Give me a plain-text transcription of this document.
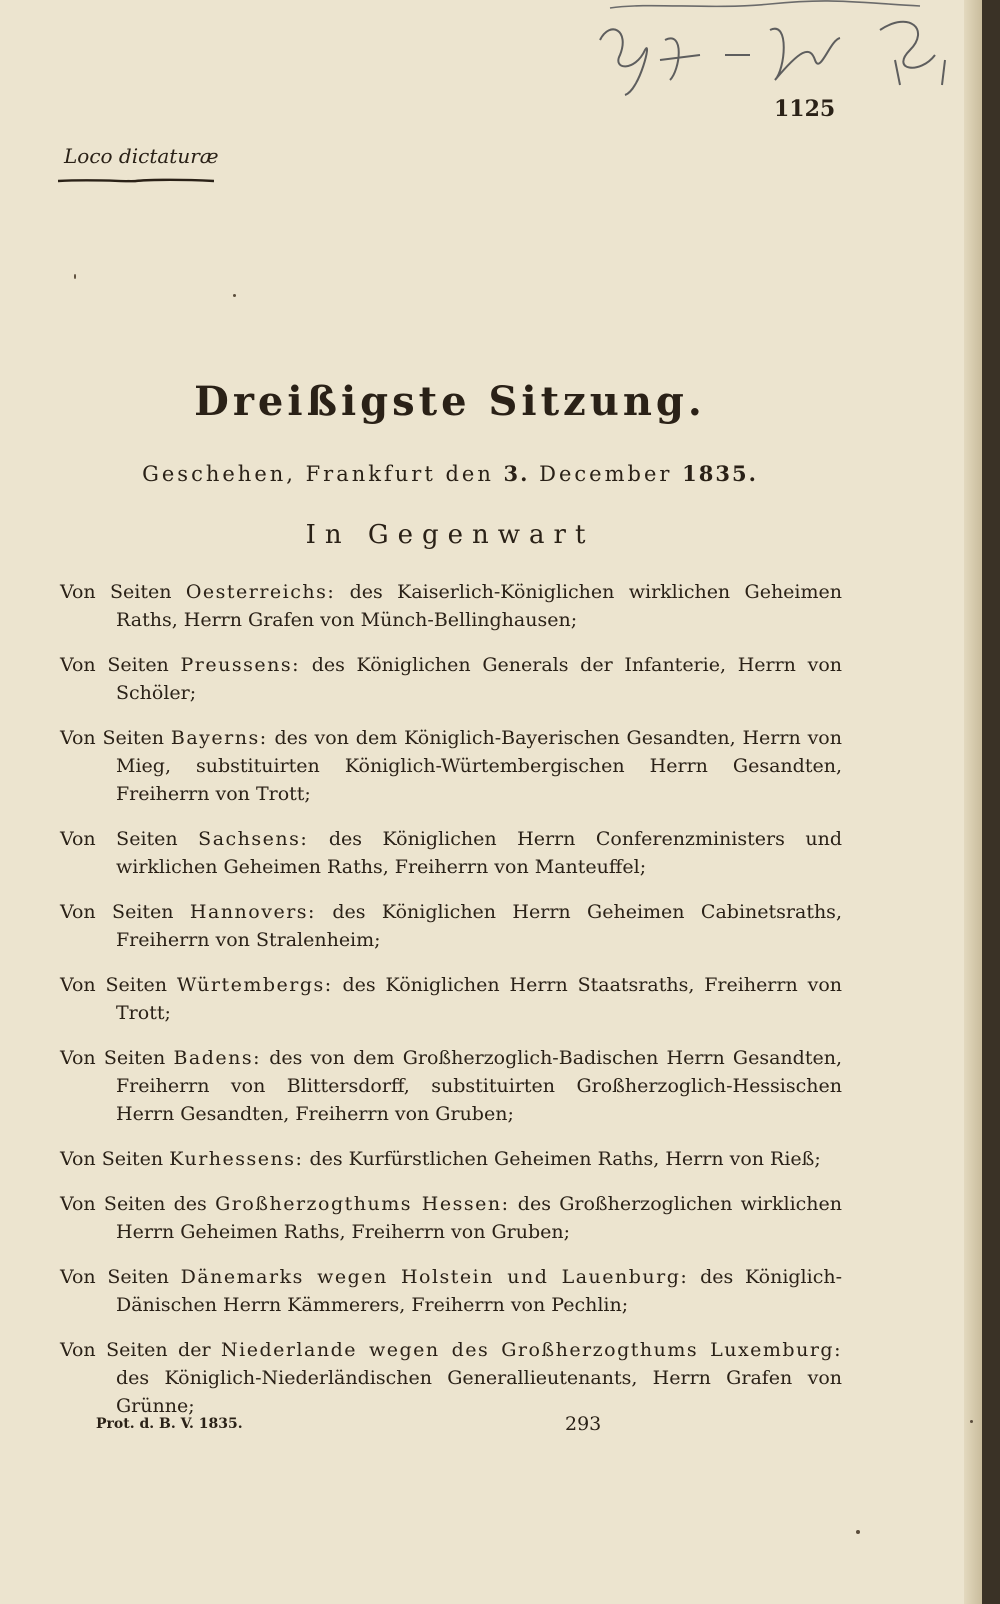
1125
Loco dictaturæ
Dreißigste Sitzung.
Geschehen, Frankfurt den 3. December 1835.
In Gegenwart

Von Seiten Oesterreichs: des Kaiserlich-Königlichen wirklichen Geheimen Raths, Herrn Grafen von Münch-Bellinghausen;

Von Seiten Preussens: des Königlichen Generals der Infanterie, Herrn von Schöler;

Von Seiten Bayerns: des von dem Königlich-Bayerischen Gesandten, Herrn von Mieg, substituirten Königlich-Würtembergischen Herrn Gesandten, Freiherrn von Trott;

Von Seiten Sachsens: des Königlichen Herrn Conferenzministers und wirklichen Geheimen Raths, Freiherrn von Manteuffel;

Von Seiten Hannovers: des Königlichen Herrn Geheimen Cabinetsraths, Freiherrn von Stralenheim;

Von Seiten Würtembergs: des Königlichen Herrn Staatsraths, Freiherrn von Trott;

Von Seiten Badens: des von dem Großherzoglich-Badischen Herrn Gesandten, Freiherrn von Blittersdorff, substituirten Großherzoglich-Hessischen Herrn Gesandten, Freiherrn von Gruben;

Von Seiten Kurhessens: des Kurfürstlichen Geheimen Raths, Herrn von Rieß;

Von Seiten des Großherzogthums Hessen: des Großherzoglichen wirklichen Herrn Geheimen Raths, Freiherrn von Gruben;

Von Seiten Dänemarks wegen Holstein und Lauenburg: des Königlich-Dänischen Herrn Kämmerers, Freiherrn von Pechlin;

Von Seiten der Niederlande wegen des Großherzogthums Luxemburg: des Königlich-Niederländischen Generallieutenants, Herrn Grafen von Grünne;

Prot. d. B. V. 1835.	293
